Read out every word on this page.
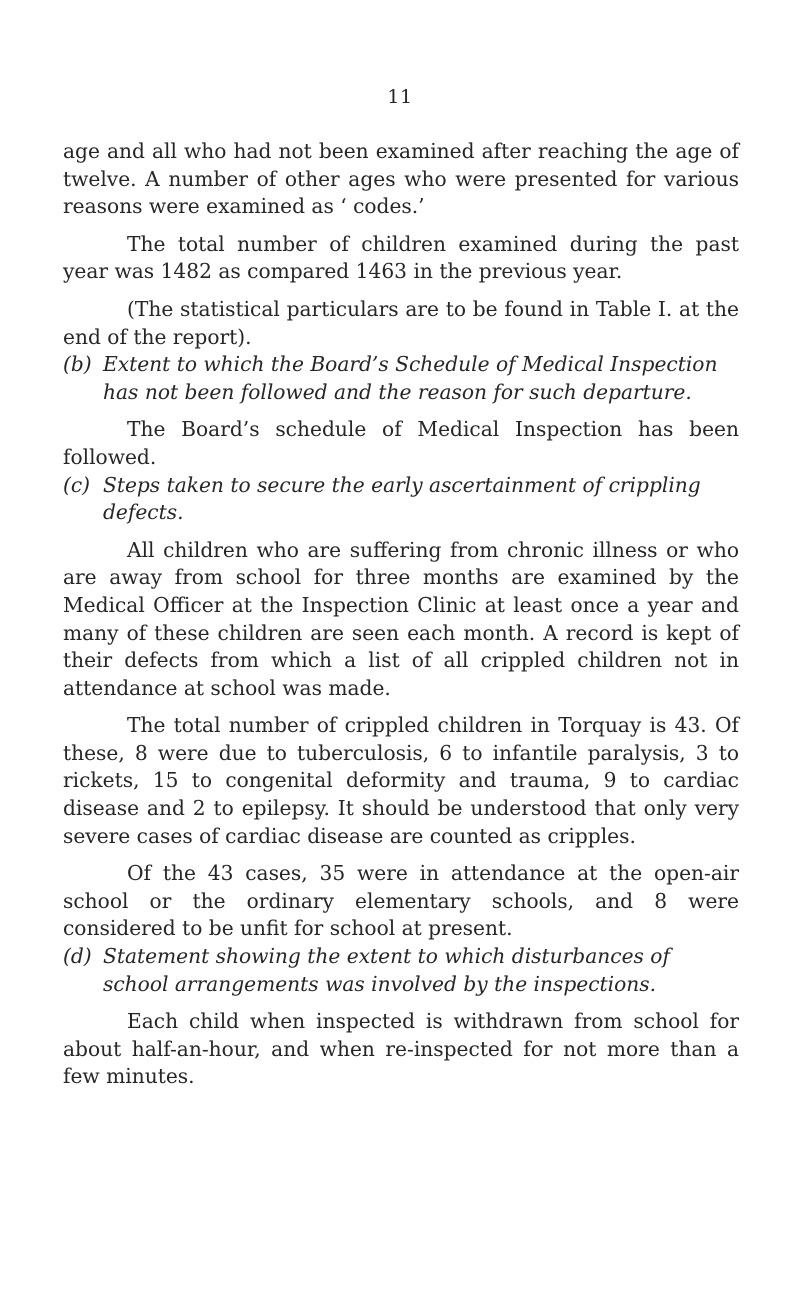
11

age and all who had not been examined after reaching the age of twelve. A number of other ages who were presented for various reasons were examined as ‘ codes.’

The total number of children examined during the past year was 1482 as compared 1463 in the previous year.

(The statistical particulars are to be found in Table I. at the end of the report).

(b) Extent to which the Board’s Schedule of Medical Inspection has not been followed and the reason for such departure.

The Board’s schedule of Medical Inspection has been followed.

(c) Steps taken to secure the early ascertainment of crippling defects.

All children who are suffering from chronic illness or who are away from school for three months are examined by the Medical Officer at the Inspection Clinic at least once a year and many of these children are seen each month. A record is kept of their defects from which a list of all crippled children not in attendance at school was made.

The total number of crippled children in Torquay is 43. Of these, 8 were due to tuberculosis, 6 to infantile paralysis, 3 to rickets, 15 to congenital deformity and trauma, 9 to cardiac disease and 2 to epilepsy. It should be understood that only very severe cases of cardiac disease are counted as cripples.

Of the 43 cases, 35 were in attendance at the open-air school or the ordinary elementary schools, and 8 were considered to be unfit for school at present.

(d) Statement showing the extent to which disturbances of school arrangements was involved by the inspections.

Each child when inspected is withdrawn from school for about half-an-hour, and when re-inspected for not more than a few minutes.
